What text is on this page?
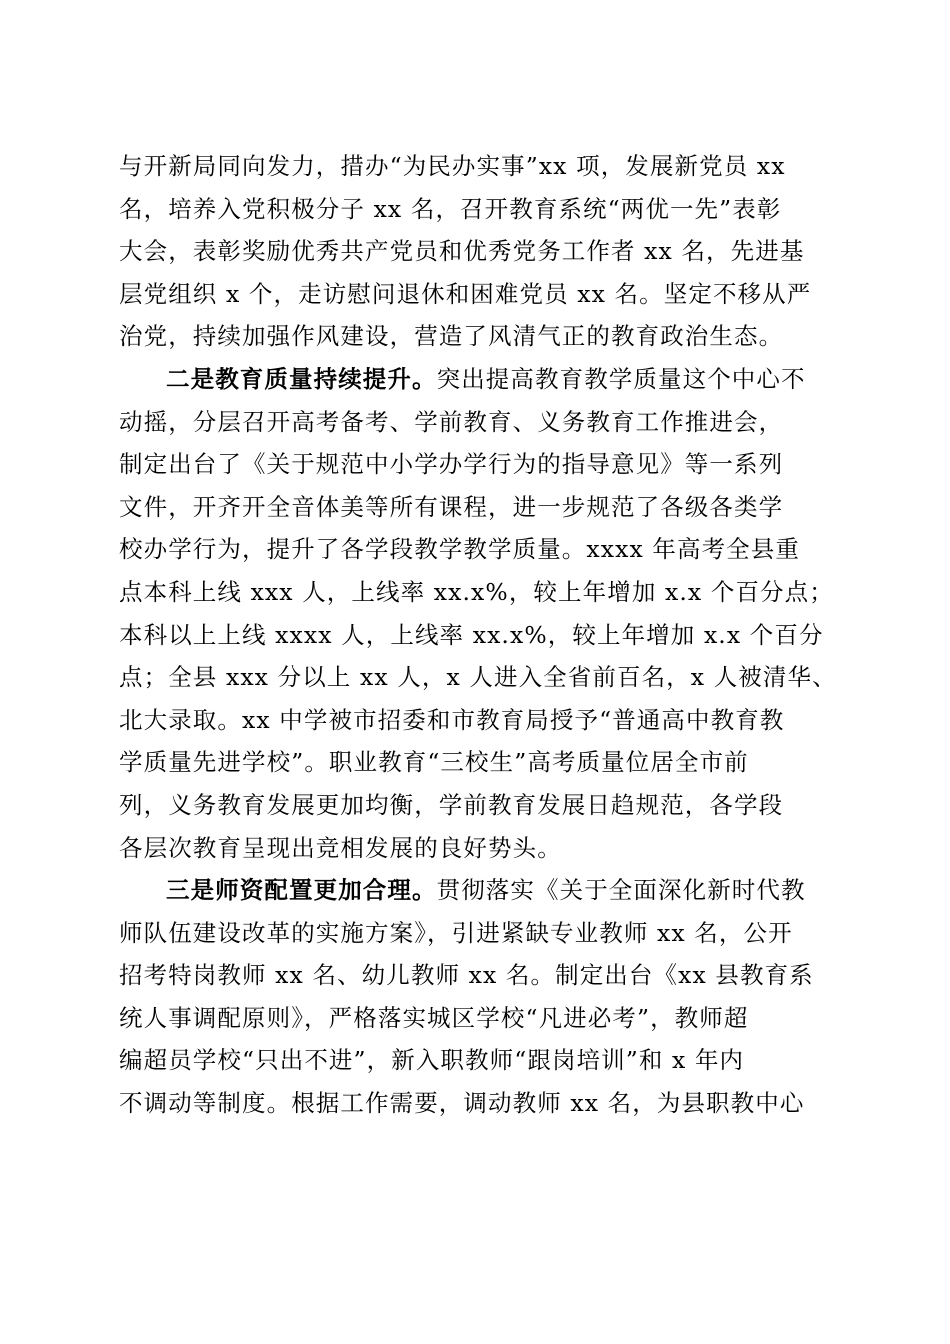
与开新局同向发力，措办“为民办实事”xx 项，发展新党员 xx
名，培养入党积极分子 xx 名，召开教育系统“两优一先”表彰
大会，表彰奖励优秀共产党员和优秀党务工作者 xx 名，先进基
层党组织 x 个，走访慰问退休和困难党员 xx 名。坚定不移从严
治党，持续加强作风建设，营造了风清气正的教育政治生态。
二是教育质量持续提升。突出提高教育教学质量这个中心不
动摇，分层召开高考备考、学前教育、义务教育工作推进会，
制定出台了《关于规范中小学办学行为的指导意见》等一系列
文件，开齐开全音体美等所有课程，进一步规范了各级各类学
校办学行为，提升了各学段教学教学质量。xxxx 年高考全县重
点本科上线 xxx 人，上线率 xx.x%，较上年增加 x.x 个百分点；
本科以上上线 xxxx 人，上线率 xx.x%，较上年增加 x.x 个百分
点；全县 xxx 分以上 xx 人，x 人进入全省前百名，x 人被清华、
北大录取。xx 中学被市招委和市教育局授予“普通高中教育教
学质量先进学校”。职业教育“三校生”高考质量位居全市前
列，义务教育发展更加均衡，学前教育发展日趋规范，各学段
各层次教育呈现出竞相发展的良好势头。
三是师资配置更加合理。贯彻落实《关于全面深化新时代教
师队伍建设改革的实施方案》，引进紧缺专业教师 xx 名，公开
招考特岗教师 xx 名、幼儿教师 xx 名。制定出台《xx 县教育系
统人事调配原则》，严格落实城区学校“凡进必考”，教师超
编超员学校“只出不进”，新入职教师“跟岗培训”和 x 年内
不调动等制度。根据工作需要，调动教师 xx 名，为县职教中心
